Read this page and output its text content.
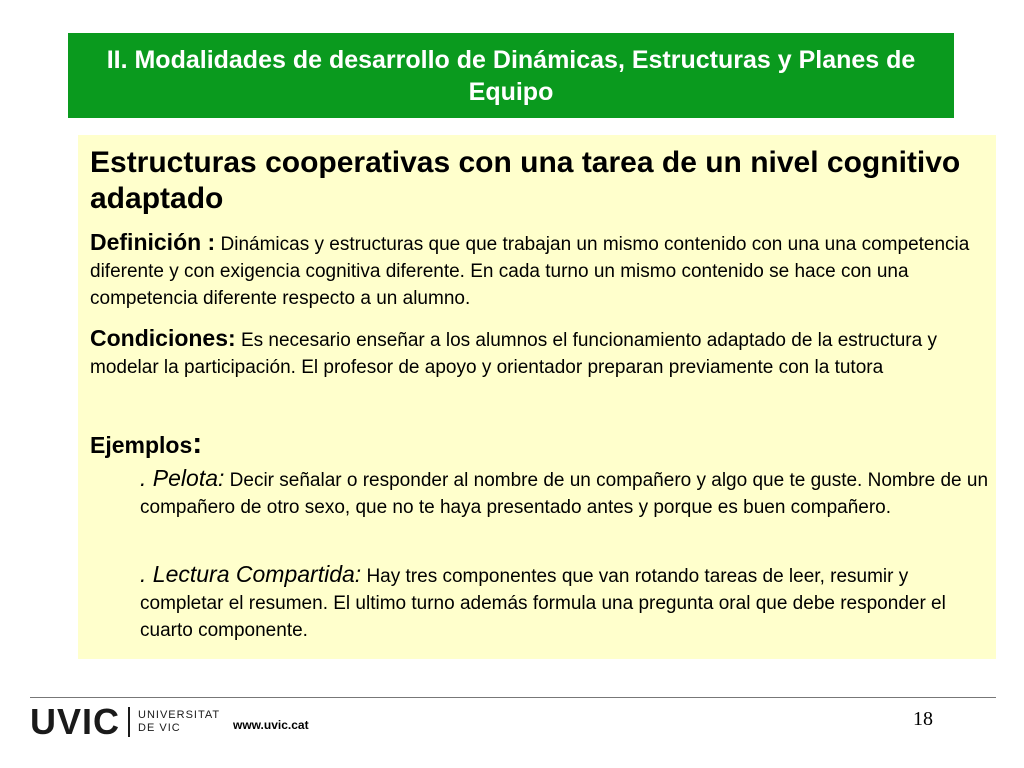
II. Modalidades de desarrollo de Dinámicas, Estructuras y Planes de Equipo
Estructuras cooperativas con una tarea de un nivel cognitivo adaptado
Definición : Dinámicas y estructuras que que trabajan un mismo contenido con una una competencia diferente y con exigencia cognitiva diferente. En cada turno un mismo contenido se hace con una competencia diferente respecto a un alumno.
Condiciones: Es necesario enseñar a los alumnos el funcionamiento adaptado de la estructura y modelar la participación. El profesor de apoyo y orientador preparan previamente con la tutora
Ejemplos:
. Pelota: Decir señalar o responder al nombre de un compañero y algo que te guste. Nombre de un compañero de otro sexo, que no te haya presentado antes y porque es buen compañero.
. Lectura Compartida: Hay tres componentes que van rotando tareas de leer, resumir y completar el resumen. El ultimo turno además formula una pregunta oral que debe responder el cuarto componente.
UVIC UNIVERSITAT
DE VIC	www.uvic.cat	18
